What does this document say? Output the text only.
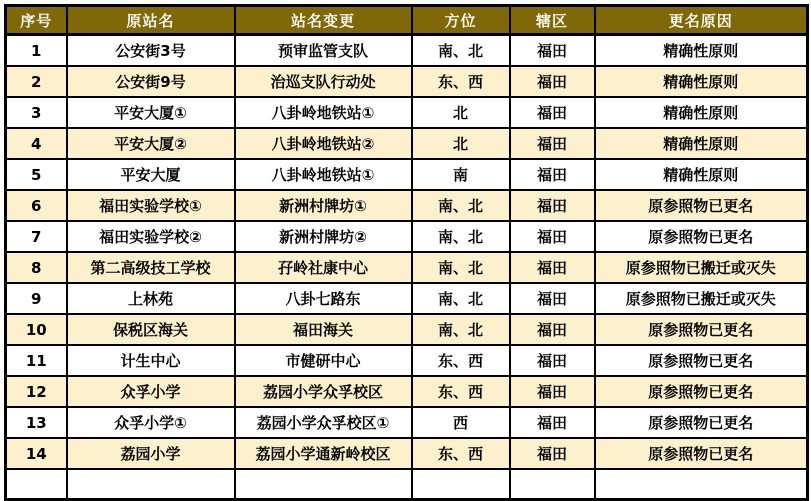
序号	原站名	站名变更	方位	辖区	更名原因
1	公安街3号	预审监管支队	南、北	福田	精确性原则
2	公安街9号	治巡支队行动处	东、西	福田	精确性原则
3	平安大厦①	八卦岭地铁站①	北	福田	精确性原则
4	平安大厦②	八卦岭地铁站②	北	福田	精确性原则
5	平安大厦	八卦岭地铁站①	南	福田	精确性原则
6	福田实验学校①	新洲村牌坊①	南、北	福田	原参照物已更名
7	福田实验学校②	新洲村牌坊②	南、北	福田	原参照物已更名
8	第二高级技工学校	孖岭社康中心	南、北	福田	原参照物已搬迁或灭失
9	上林苑	八卦七路东	南、北	福田	原参照物已搬迁或灭失
10	保税区海关	福田海关	南、北	福田	原参照物已更名
11	计生中心	市健研中心	东、西	福田	原参照物已更名
12	众孚小学	荔园小学众孚校区	东、西	福田	原参照物已更名
13	众孚小学①	荔园小学众孚校区①	西	福田	原参照物已更名
14	荔园小学	荔园小学通新岭校区	东、西	福田	原参照物已更名
